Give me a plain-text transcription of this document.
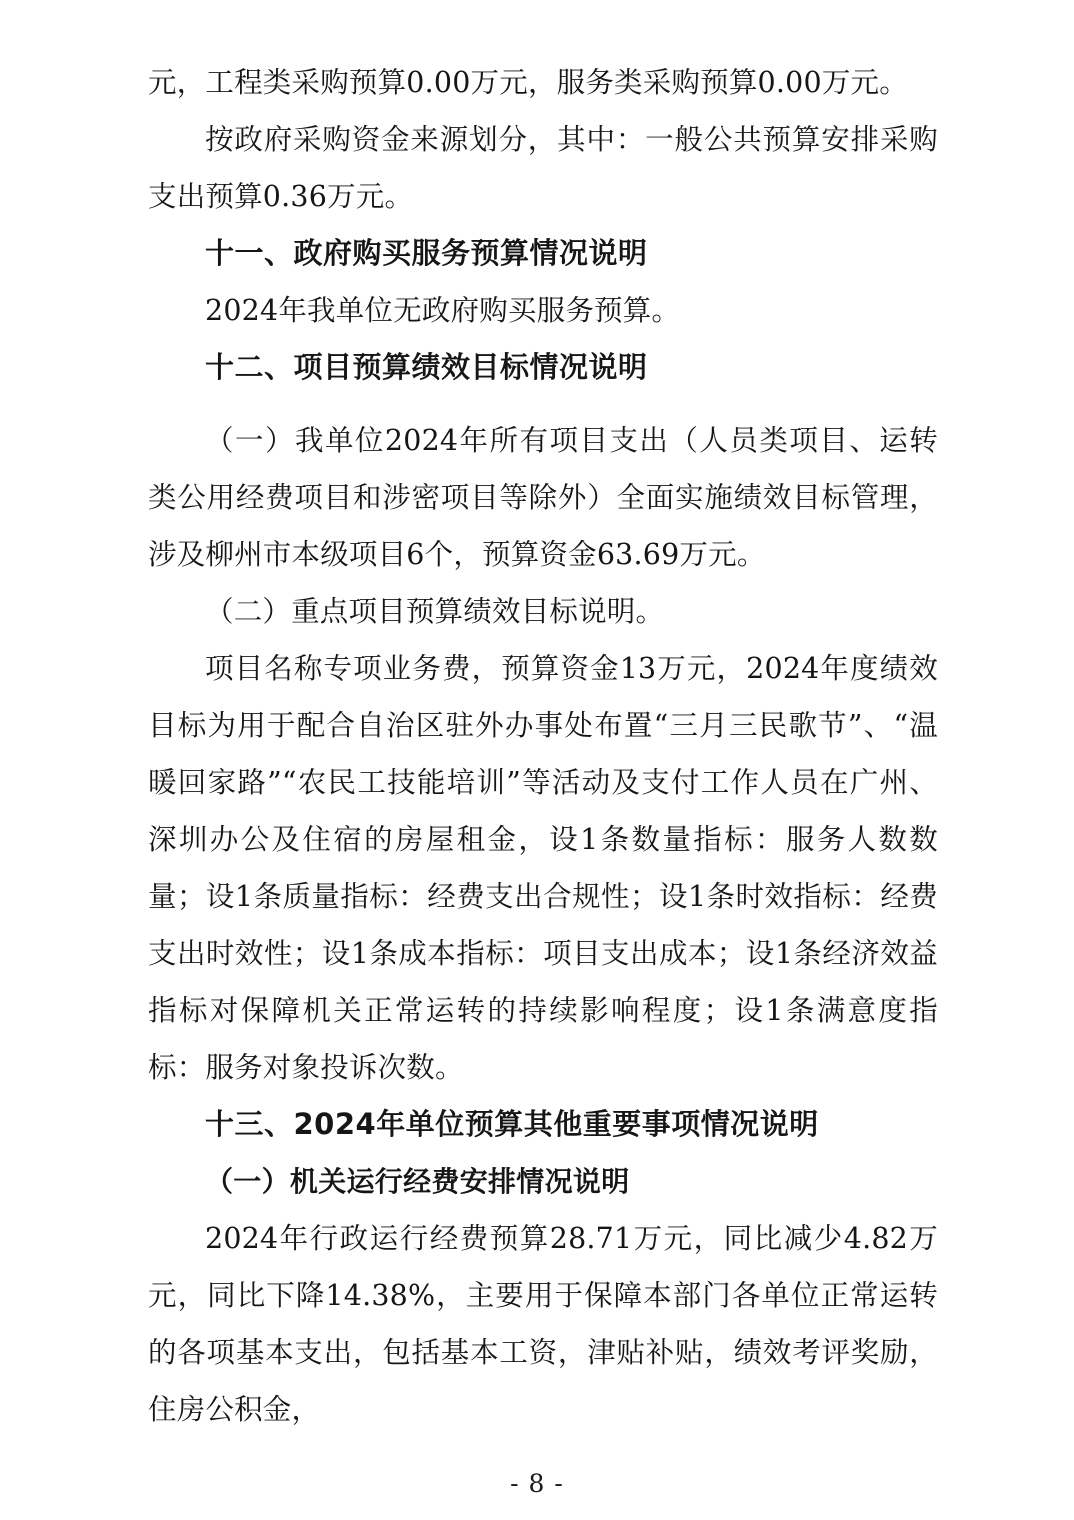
元，工程类采购预算0.00万元，服务类采购预算0.00万元。

按政府采购资金来源划分，其中：一般公共预算安排采购支出预算0.36万元。

十一、政府购买服务预算情况说明

2024年我单位无政府购买服务预算。

十二、项目预算绩效目标情况说明

（一）我单位2024年所有项目支出（人员类项目、运转类公用经费项目和涉密项目等除外）全面实施绩效目标管理，涉及柳州市本级项目6个，预算资金63.69万元。

（二）重点项目预算绩效目标说明。

项目名称专项业务费，预算资金13万元，2024年度绩效目标为用于配合自治区驻外办事处布置“三月三民歌节”、“温暖回家路”“农民工技能培训”等活动及支付工作人员在广州、深圳办公及住宿的房屋租金，设1条数量指标：服务人数数量；设1条质量指标：经费支出合规性；设1条时效指标：经费支出时效性；设1条成本指标：项目支出成本；设1条经济效益指标对保障机关正常运转的持续影响程度；设1条满意度指标：服务对象投诉次数。

十三、2024年单位预算其他重要事项情况说明
（一）机关运行经费安排情况说明

2024年行政运行经费预算28.71万元，同比减少4.82万元，同比下降14.38%，主要用于保障本部门各单位正常运转的各项基本支出，包括基本工资，津贴补贴，绩效考评奖励，住房公积金，

- 8 -
